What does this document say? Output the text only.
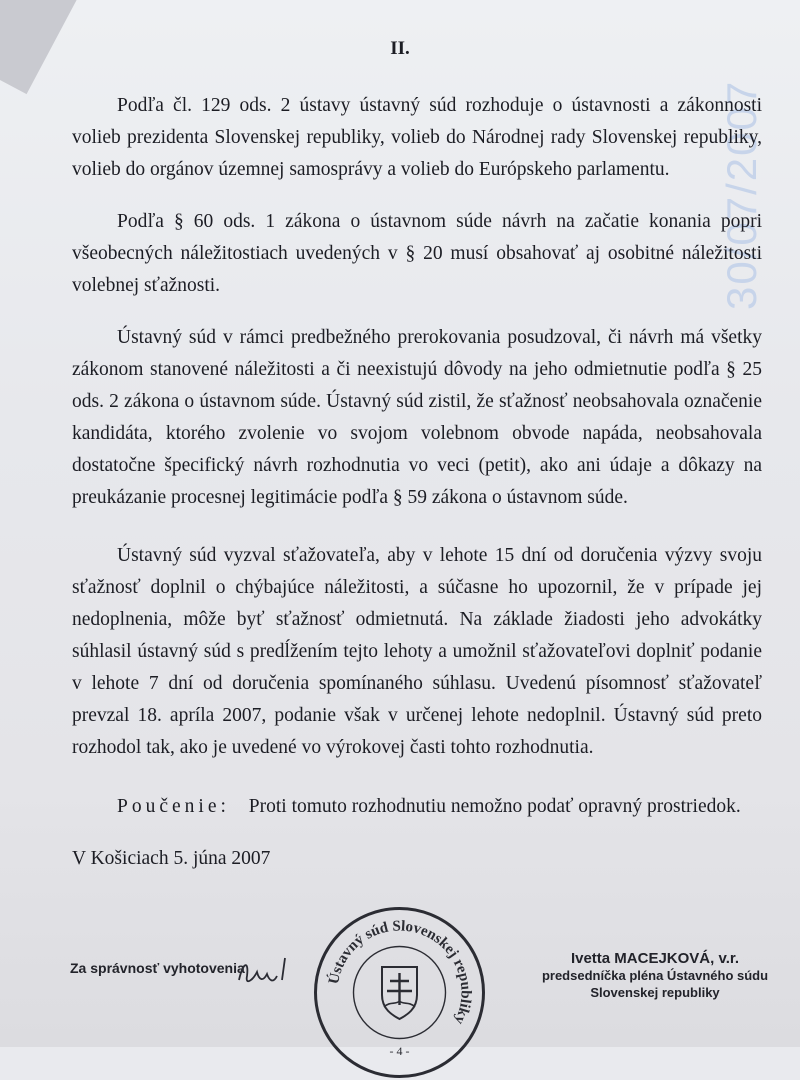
30/07/2007
II.

Podľa čl. 129 ods. 2 ústavy ústavný súd rozhoduje o ústavnosti a zákonnosti volieb prezidenta Slovenskej republiky, volieb do Národnej rady Slovenskej republiky, volieb do orgánov územnej samosprávy a volieb do Európskeho parlamentu.

Podľa § 60 ods. 1 zákona o ústavnom súde návrh na začatie konania popri všeobecných náležitostiach uvedených v § 20 musí obsahovať aj osobitné náležitosti volebnej sťažnosti.

Ústavný súd v rámci predbežného prerokovania posudzoval, či návrh má všetky zákonom stanovené náležitosti a či neexistujú dôvody na jeho odmietnutie podľa § 25 ods. 2 zákona o ústavnom súde. Ústavný súd zistil, že sťažnosť neobsahovala označenie kandidáta, ktorého zvolenie vo svojom volebnom obvode napáda, neobsahovala dostatočne špecifický návrh rozhodnutia vo veci (petit), ako ani údaje a dôkazy na preukázanie procesnej legitimácie podľa § 59 zákona o ústavnom súde.

Ústavný súd vyzval sťažovateľa, aby v lehote 15 dní od doručenia výzvy svoju sťažnosť doplnil o chýbajúce náležitosti, a súčasne ho upozornil, že v prípade jej nedoplnenia, môže byť sťažnosť odmietnutá. Na základe žiadosti jeho advokátky súhlasil ústavný súd s predĺžením tejto lehoty a umožnil sťažovateľovi doplniť podanie v lehote 7 dní od doručenia spomínaného súhlasu. Uvedenú písomnosť sťažovateľ prevzal 18. apríla 2007, podanie však v určenej lehote nedoplnil. Ústavný súd preto rozhodol tak, ako je uvedené vo výrokovej časti tohto rozhodnutia.

Poučenie: Proti tomuto rozhodnutiu nemožno podať opravný prostriedok.
V Košiciach 5. júna 2007
Za správnosť vyhotovenia
Ústavný súd Slovenskej republiky
- 4 -
Ivetta MACEJKOVÁ, v.r.
predsedníčka pléna Ústavného súdu
Slovenskej republiky
